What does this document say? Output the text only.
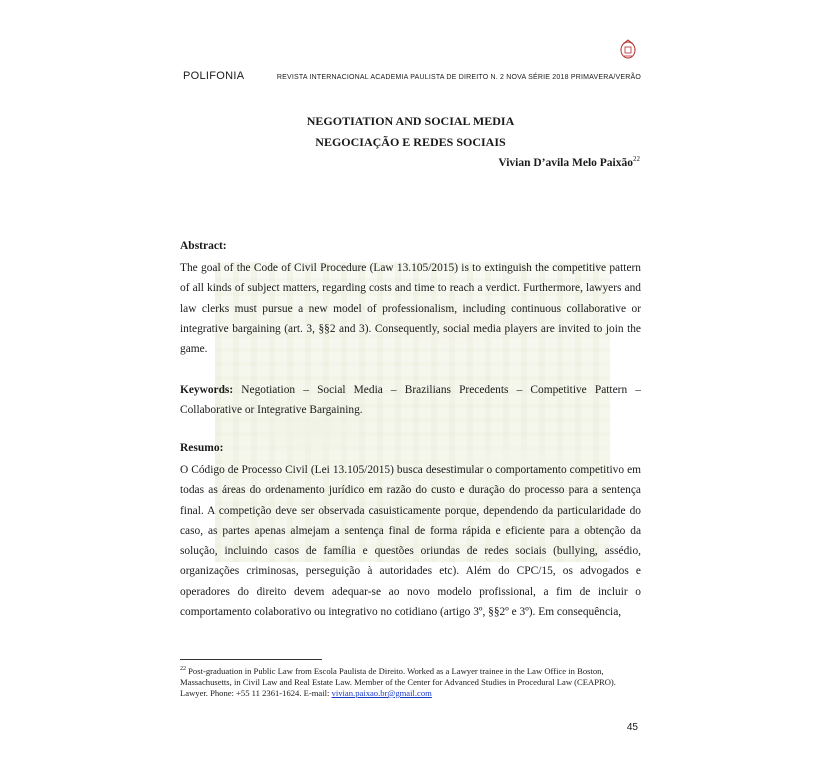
POLIFONIA	REVISTA INTERNACIONAL ACADEMIA PAULISTA DE DIREITO N. 2 NOVA SÉRIE 2018 PRIMAVERA/VERÃO
NEGOTIATION AND SOCIAL MEDIA
NEGOCIAÇÃO E REDES SOCIAIS
Vivian D’avila Melo Paixão$^{22}$
Abstract:

The goal of the Code of Civil Procedure (Law 13.105/2015) is to extinguish the competitive pattern of all kinds of subject matters, regarding costs and time to reach a verdict. Furthermore, lawyers and law clerks must pursue a new model of professionalism, including continuous collaborative or integrative bargaining (art. 3, §§2 and 3). Consequently, social media players are invited to join the game.

Keywords: Negotiation – Social Media – Brazilians Precedents – Competitive Pattern – Collaborative or Integrative Bargaining.

Resumo:

O Código de Processo Civil (Lei 13.105/2015) busca desestimular o comportamento competitivo em todas as áreas do ordenamento jurídico em razão do custo e duração do processo para a sentença final. A competição deve ser observada casuisticamente porque, dependendo da particularidade do caso, as partes apenas almejam a sentença final de forma rápida e eficiente para a obtenção da solução, incluindo casos de família e questões oriundas de redes sociais (bullying, assédio, organizações criminosas, perseguição à autoridades etc). Além do CPC/15, os advogados e operadores do direito devem adequar-se ao novo modelo profissional, a fim de incluir o comportamento colaborativo ou integrativo no cotidiano (artigo 3º, §§2º e 3º). Em consequência,

$^{22}$ Post-graduation in Public Law from Escola Paulista de Direito. Worked as a Lawyer trainee in the Law Office in Boston, Massachusetts, in Civil Law and Real Estate Law. Member of the Center for Advanced Studies in Procedural Law (CEAPRO). Lawyer. Phone: +55 11 2361-1624. E-mail: vivian.paixao.br@gmail.com
45
